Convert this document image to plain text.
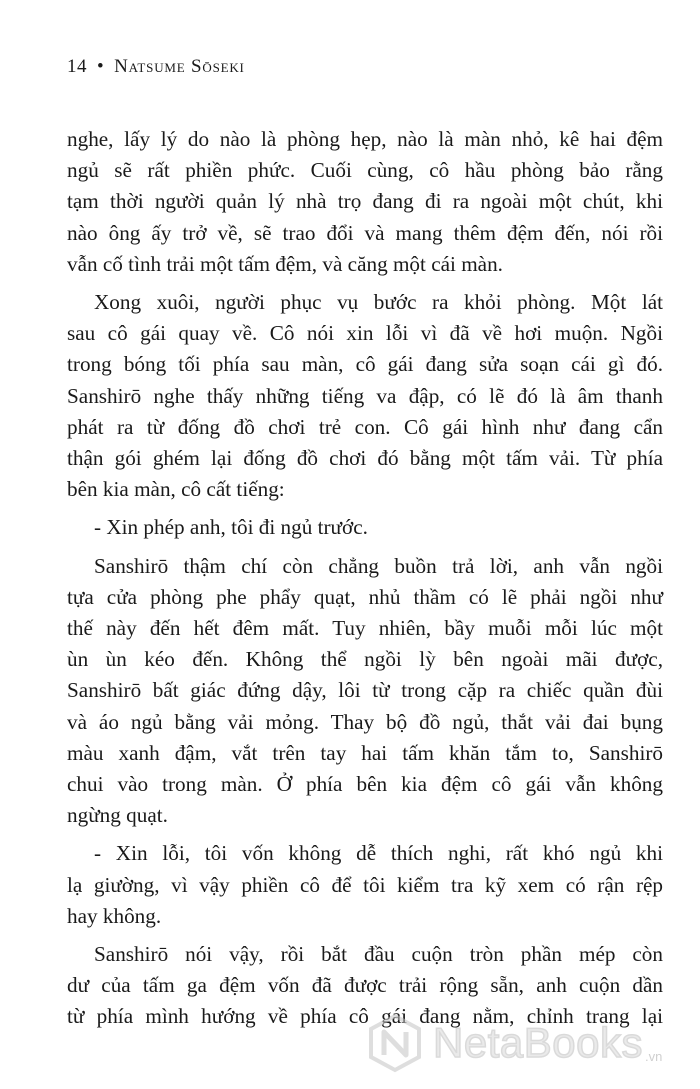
14 • Natsume Sōseki

nghe, lấy lý do nào là phòng hẹp, nào là màn nhỏ, kê hai đệm
ngủ sẽ rất phiền phức. Cuối cùng, cô hầu phòng bảo rằng
tạm thời người quản lý nhà trọ đang đi ra ngoài một chút, khi
nào ông ấy trở về, sẽ trao đổi và mang thêm đệm đến, nói rồi
vẫn cố tình trải một tấm đệm, và căng một cái màn.

Xong xuôi, người phục vụ bước ra khỏi phòng. Một lát
sau cô gái quay về. Cô nói xin lỗi vì đã về hơi muộn. Ngồi
trong bóng tối phía sau màn, cô gái đang sửa soạn cái gì đó.
Sanshirō nghe thấy những tiếng va đập, có lẽ đó là âm thanh
phát ra từ đống đồ chơi trẻ con. Cô gái hình như đang cẩn
thận gói ghém lại đống đồ chơi đó bằng một tấm vải. Từ phía
bên kia màn, cô cất tiếng:

- Xin phép anh, tôi đi ngủ trước.

Sanshirō thậm chí còn chẳng buồn trả lời, anh vẫn ngồi
tựa cửa phòng phe phẩy quạt, nhủ thầm có lẽ phải ngồi như
thế này đến hết đêm mất. Tuy nhiên, bầy muỗi mỗi lúc một
ùn ùn kéo đến. Không thể ngồi lỳ bên ngoài mãi được,
Sanshirō bất giác đứng dậy, lôi từ trong cặp ra chiếc quần đùi
và áo ngủ bằng vải mỏng. Thay bộ đồ ngủ, thắt vải đai bụng
màu xanh đậm, vắt trên tay hai tấm khăn tắm to, Sanshirō
chui vào trong màn. Ở phía bên kia đệm cô gái vẫn không
ngừng quạt.

- Xin lỗi, tôi vốn không dễ thích nghi, rất khó ngủ khi
lạ giường, vì vậy phiền cô để tôi kiểm tra kỹ xem có rận rệp
hay không.

Sanshirō nói vậy, rồi bắt đầu cuộn tròn phần mép còn
dư của tấm ga đệm vốn đã được trải rộng sẵn, anh cuộn dần
từ phía mình hướng về phía cô gái đang nằm, chỉnh trang lại

NetaBooks .vn
